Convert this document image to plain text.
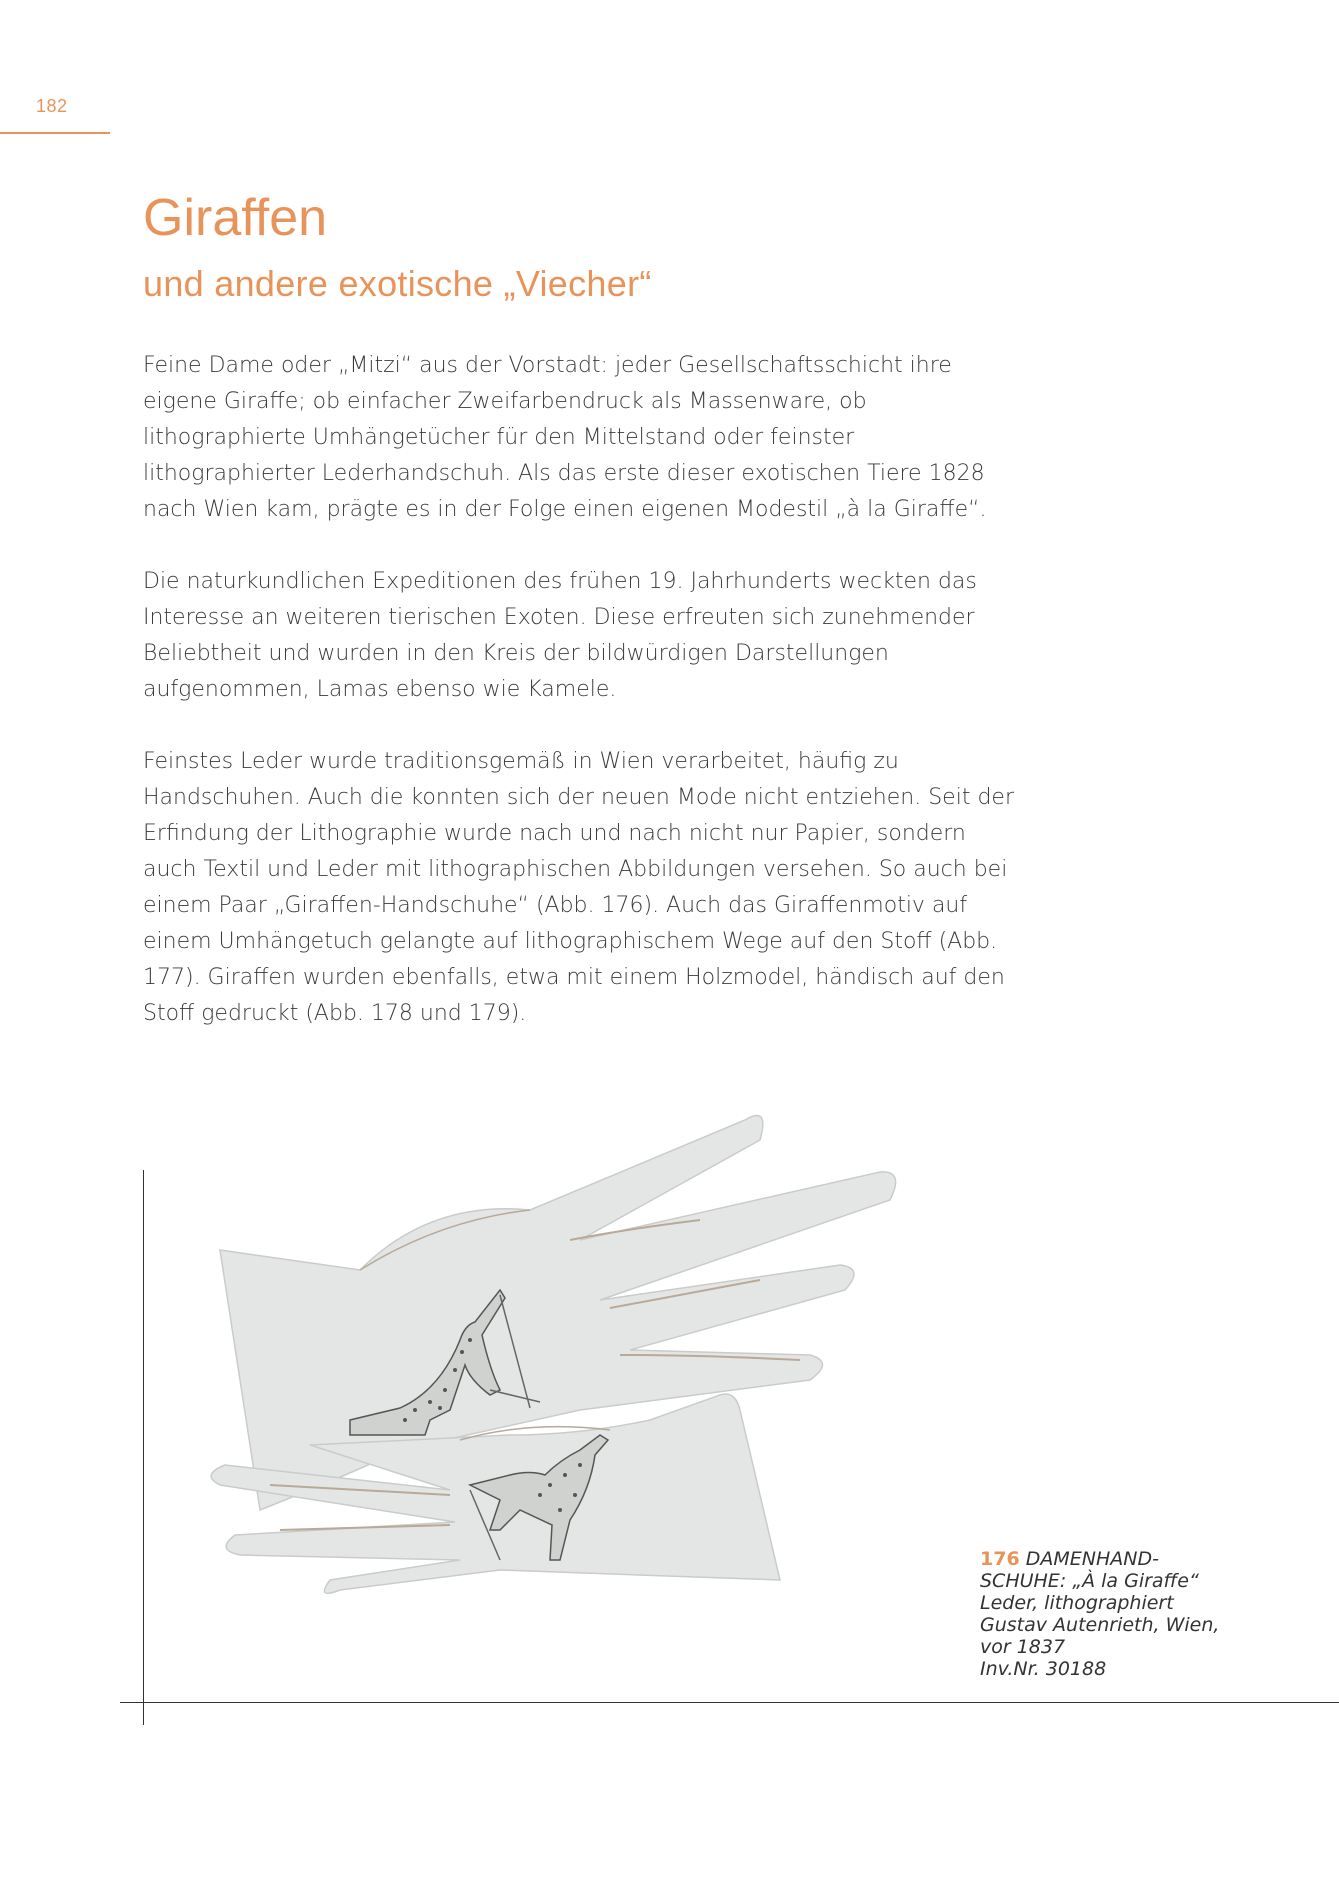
182
Giraffen
und andere exotische „Viecher“

Feine Dame oder „Mitzi“ aus der Vorstadt: jeder Gesellschaftsschicht ihre eigene Giraffe; ob einfacher Zweifarbendruck als Massenware, ob lithographierte Umhängetücher für den Mittelstand oder feinster lithographierter Lederhandschuh. Als das erste dieser exotischen Tiere 1828 nach Wien kam, prägte es in der Folge einen eigenen Modestil „à la Giraffe“.

Die naturkundlichen Expeditionen des frühen 19. Jahrhunderts weckten das Interesse an weiteren tierischen Exoten. Diese erfreuten sich zunehmender Beliebtheit und wurden in den Kreis der bildwürdigen Darstellungen aufgenommen, Lamas ebenso wie Kamele.

Feinstes Leder wurde traditionsgemäß in Wien verarbeitet, häufig zu Handschuhen. Auch die konnten sich der neuen Mode nicht entziehen. Seit der Erfindung der Lithographie wurde nach und nach nicht nur Papier, sondern auch Textil und Leder mit lithographischen Abbildungen versehen. So auch bei einem Paar „Giraffen-Handschuhe“ (Abb. 176). Auch das Giraffenmotiv auf einem Umhängetuch gelangte auf lithographischem Wege auf den Stoff (Abb. 177). Giraffen wurden ebenfalls, etwa mit einem Holzmodel, händisch auf den Stoff gedruckt (Abb. 178 und 179).

176 DAMENHAND-
SCHUHE: „À la Giraffe“
Leder, lithographiert
Gustav Autenrieth, Wien,
vor 1837
Inv.Nr. 30188
